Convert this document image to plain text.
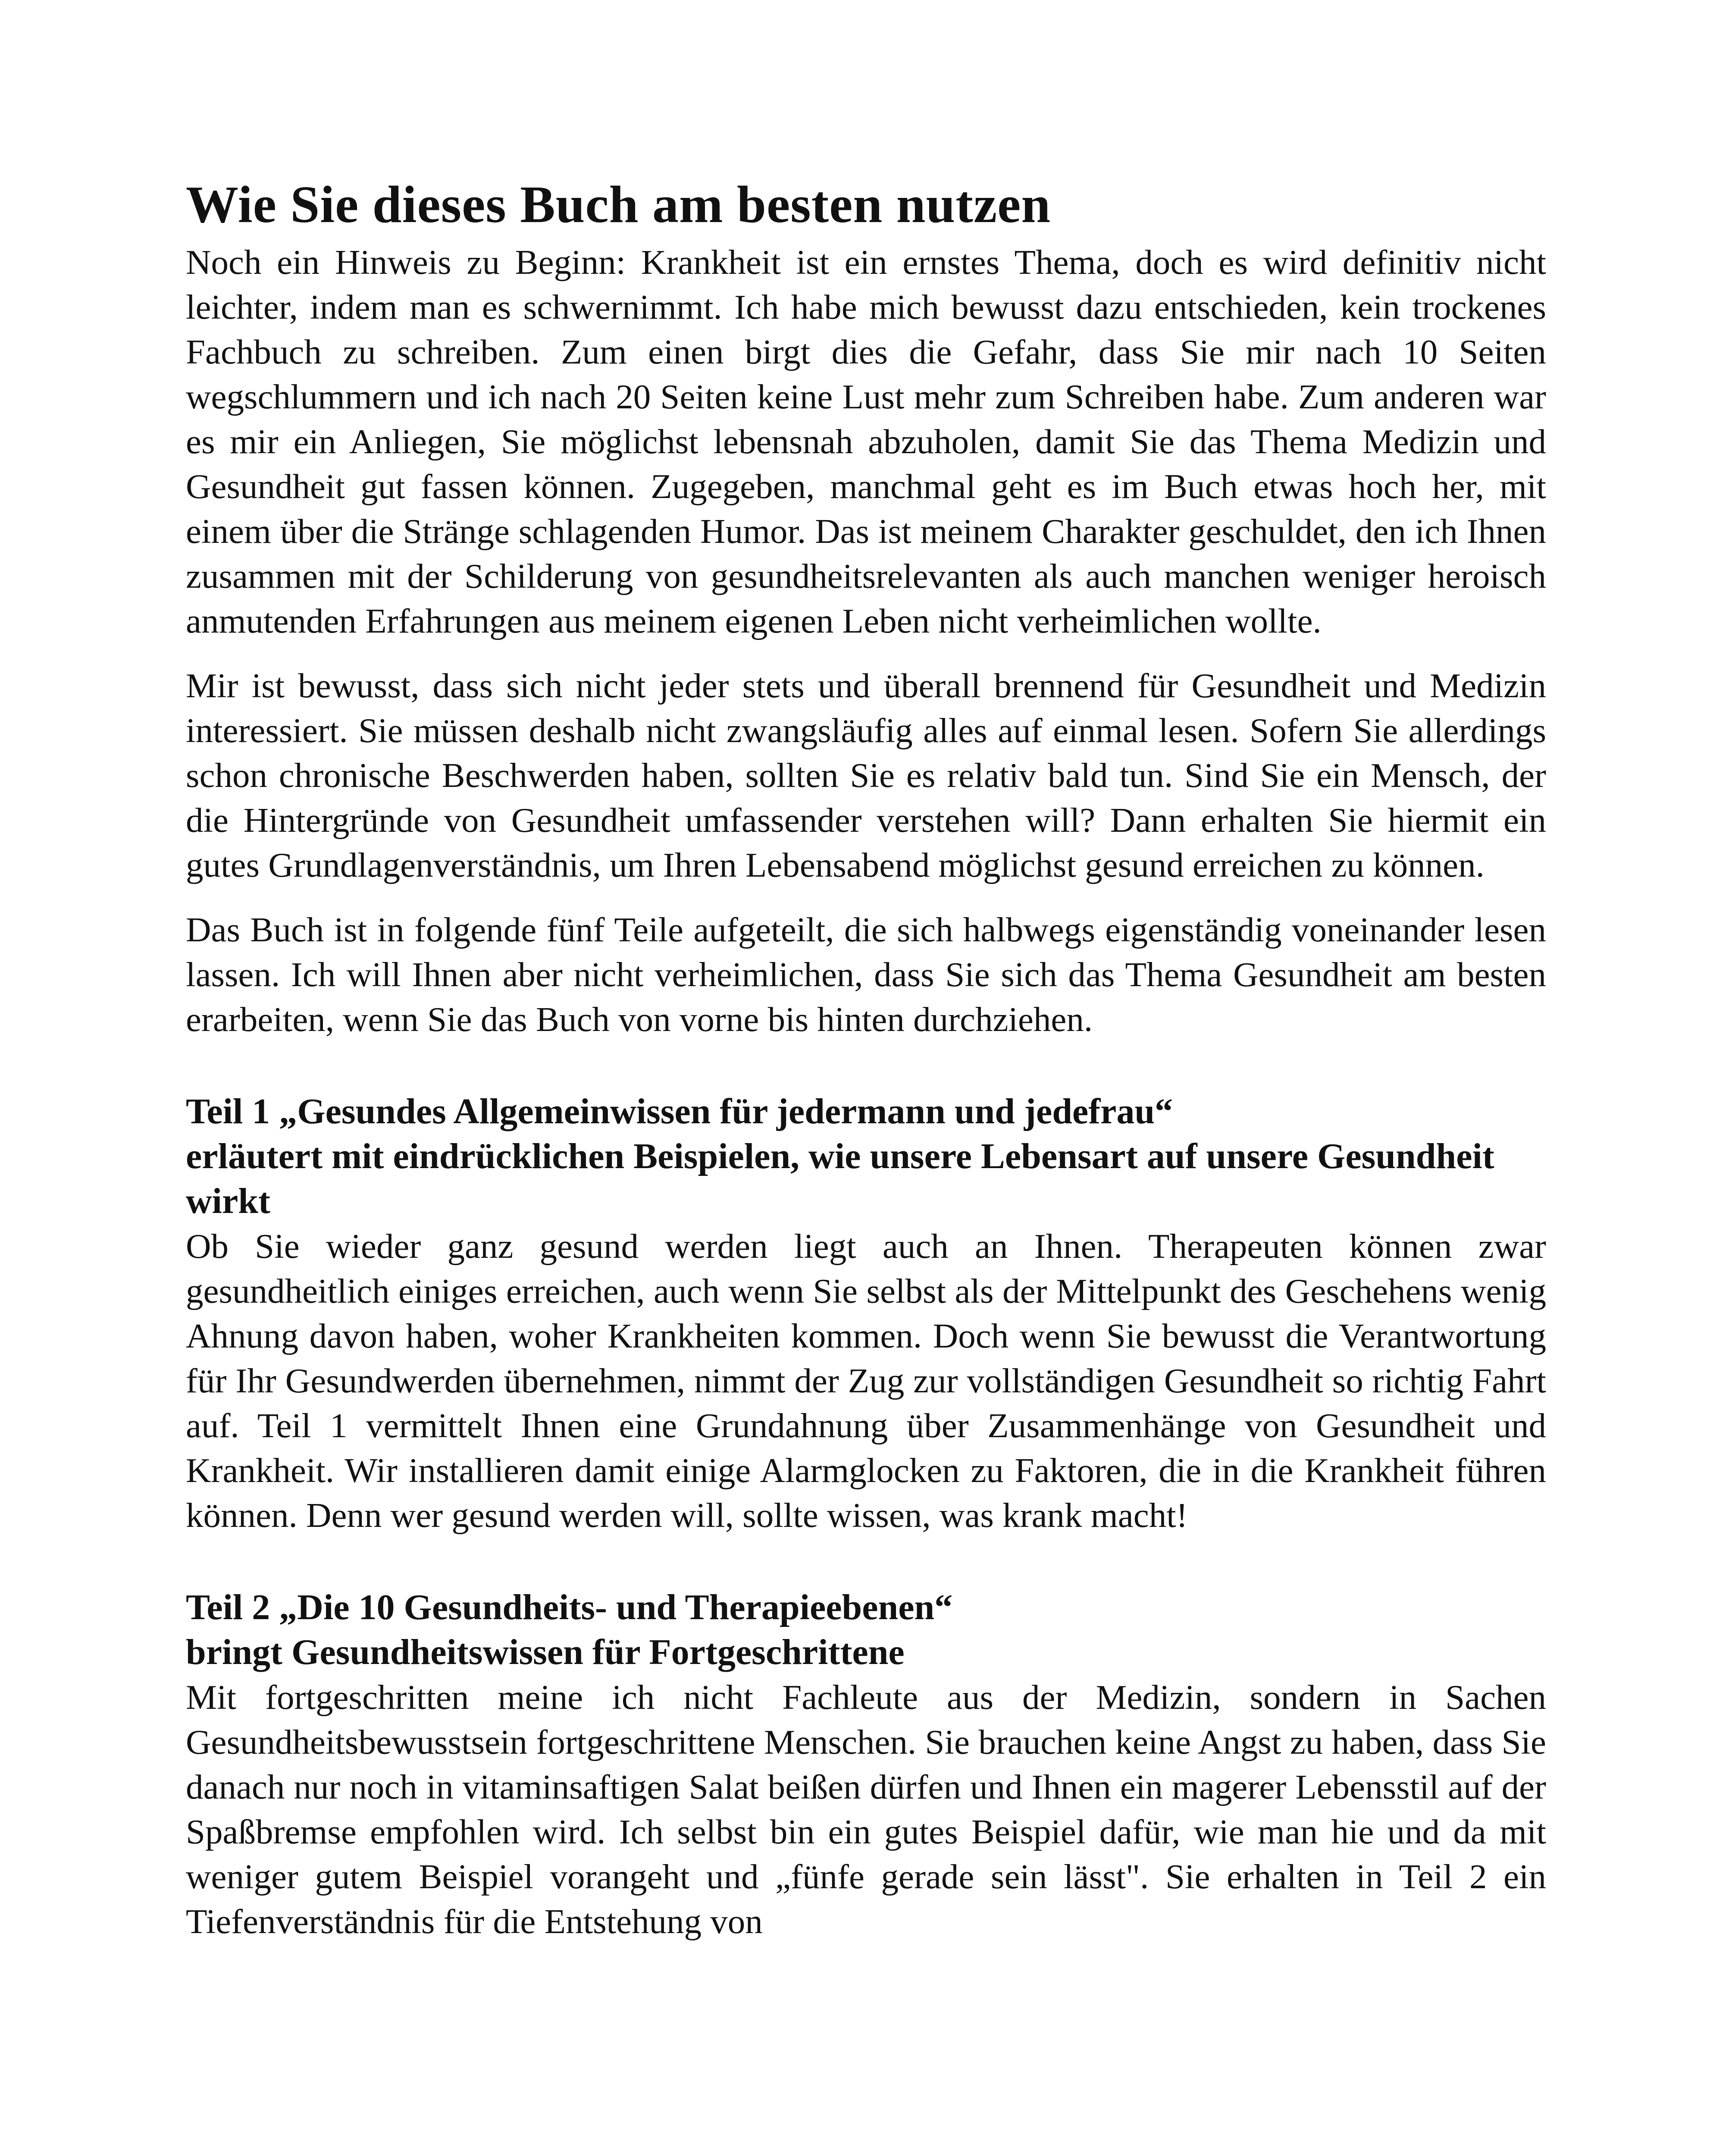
Wie Sie dieses Buch am besten nutzen

Noch ein Hinweis zu Beginn: Krankheit ist ein ernstes Thema, doch es wird definitiv nicht leichter, indem man es schwernimmt. Ich habe mich bewusst dazu entschieden, kein trockenes Fachbuch zu schreiben. Zum einen birgt dies die Gefahr, dass Sie mir nach 10 Seiten wegschlummern und ich nach 20 Seiten keine Lust mehr zum Schreiben habe. Zum anderen war es mir ein Anliegen, Sie möglichst lebensnah abzuholen, damit Sie das Thema Medizin und Gesundheit gut fassen können. Zugegeben, manchmal geht es im Buch etwas hoch her, mit einem über die Stränge schlagenden Humor. Das ist meinem Charakter geschuldet, den ich Ihnen zusammen mit der Schilderung von gesundheitsrelevanten als auch manchen weniger heroisch anmutenden Erfahrungen aus meinem eigenen Leben nicht verheimlichen wollte.

Mir ist bewusst, dass sich nicht jeder stets und überall brennend für Gesundheit und Medizin interessiert. Sie müssen deshalb nicht zwangsläufig alles auf einmal lesen. Sofern Sie allerdings schon chronische Beschwerden haben, sollten Sie es relativ bald tun. Sind Sie ein Mensch, der die Hintergründe von Gesundheit umfassender verstehen will? Dann erhalten Sie hiermit ein gutes Grundlagenverständnis, um Ihren Lebensabend möglichst gesund erreichen zu können.

Das Buch ist in folgende fünf Teile aufgeteilt, die sich halbwegs eigenständig voneinander lesen lassen. Ich will Ihnen aber nicht verheimlichen, dass Sie sich das Thema Gesundheit am besten erarbeiten, wenn Sie das Buch von vorne bis hinten durchziehen.

Teil 1 „Gesundes Allgemeinwissen für jedermann und jedefrau“
erläutert mit eindrücklichen Beispielen, wie unsere Lebensart auf unsere Gesundheit wirkt

Ob Sie wieder ganz gesund werden liegt auch an Ihnen. Therapeuten können zwar gesundheitlich einiges erreichen, auch wenn Sie selbst als der Mittelpunkt des Geschehens wenig Ahnung davon haben, woher Krankheiten kommen. Doch wenn Sie bewusst die Verantwortung für Ihr Gesundwerden übernehmen, nimmt der Zug zur vollständigen Gesundheit so richtig Fahrt auf. Teil 1 vermittelt Ihnen eine Grundahnung über Zusammenhänge von Gesundheit und Krankheit. Wir installieren damit einige Alarmglocken zu Faktoren, die in die Krankheit führen können. Denn wer gesund werden will, sollte wissen, was krank macht!

Teil 2 „Die 10 Gesundheits- und Therapieebenen“
bringt Gesundheitswissen für Fortgeschrittene

Mit fortgeschritten meine ich nicht Fachleute aus der Medizin, sondern in Sachen Gesundheitsbewusstsein fortgeschrittene Menschen. Sie brauchen keine Angst zu haben, dass Sie danach nur noch in vitaminsaftigen Salat beißen dürfen und Ihnen ein magerer Lebensstil auf der Spaßbremse empfohlen wird. Ich selbst bin ein gutes Beispiel dafür, wie man hie und da mit weniger gutem Beispiel vorangeht und „fünfe gerade sein lässt". Sie erhalten in Teil 2 ein Tiefenverständnis für die Entstehung von
